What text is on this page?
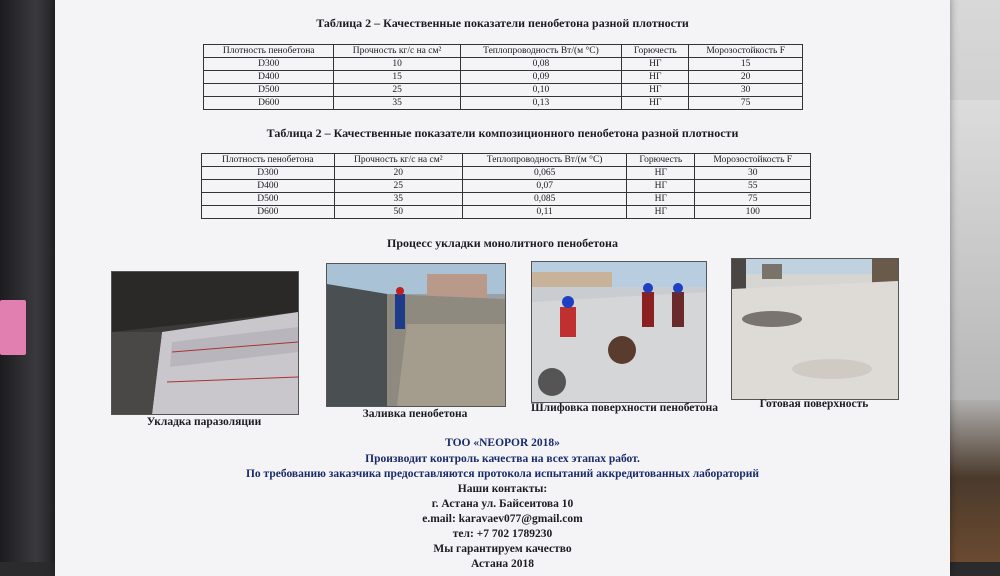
Таблица 2 – Качественные показатели пенобетона разной плотности
Плотность пенобетона	Прочность кг/с на см²	Теплопроводность Вт/(м °С)	Горючесть	Морозостойкость F
D300	10	0,08	НГ	15
D400	15	0,09	НГ	20
D500	25	0,10	НГ	30
D600	35	0,13	НГ	75
Таблица 2 – Качественные показатели композиционного пенобетона разной плотности
Плотность пенобетона	Прочность кг/с на см²	Теплопроводность Вт/(м °С)	Горючесть	Морозостойкость F
D300	20	0,065	НГ	30
D400	25	0,07	НГ	55
D500	35	0,085	НГ	75
D600	50	0,11	НГ	100
Процесс укладки монолитного пенобетона
Укладка паразоляции
Заливка пенобетона	Шлифовка поверхности пенобетона	Готовая поверхность
ТОО «NEOPOR 2018»
Производит контроль качества на всех этапах работ.
По требованию заказчика предоставляются протокола испытаний аккредитованных лабораторий
Наши контакты:
г. Астана ул. Байсеитова 10
e.mail: karavaev077@gmail.com
тел: +7 702 1789230
Мы гарантируем качество
Астана 2018
